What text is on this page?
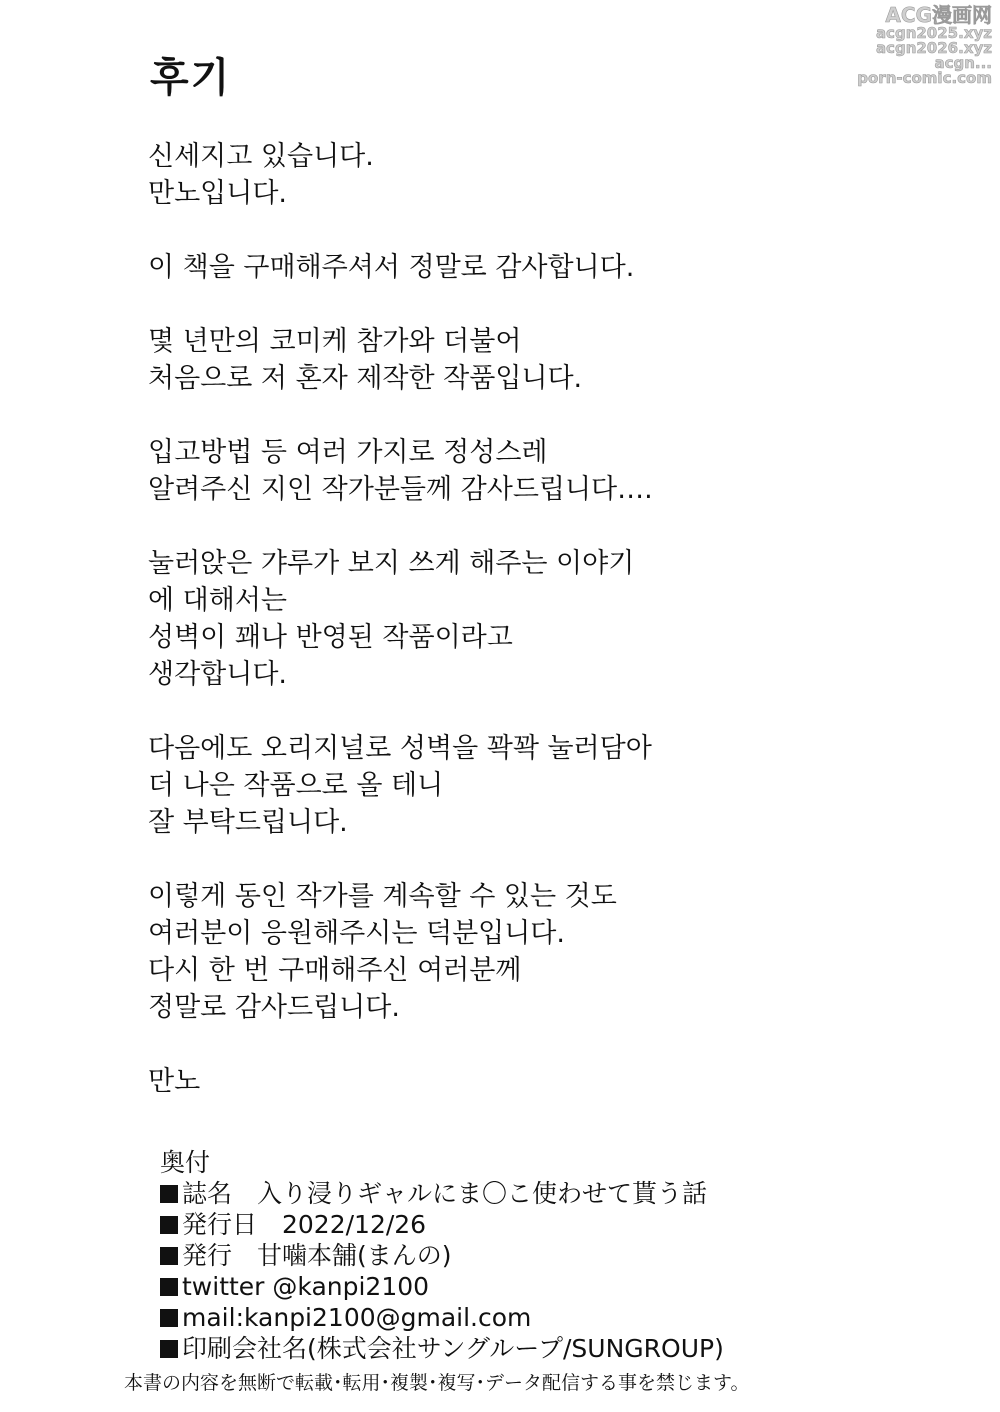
ACG漫画网
acgn2025.xyz
acgn2026.xyz
acgn...
porn-comic.com
후기
신세지고 있습니다.
만노입니다.
이 책을 구매해주셔서 정말로 감사합니다.
몇 년만의 코미케 참가와 더불어
처음으로 저 혼자 제작한 작품입니다.
입고방법 등 여러 가지로 정성스레
알려주신 지인 작가분들께 감사드립니다….
눌러앉은 갸루가 보지 쓰게 해주는 이야기
에 대해서는
성벽이 꽤나 반영된 작품이라고
생각합니다.
다음에도 오리지널로 성벽을 꽉꽉 눌러담아
더 나은 작품으로 올 테니
잘 부탁드립니다.
이렇게 동인 작가를 계속할 수 있는 것도
여러분이 응원해주시는 덕분입니다.
다시 한 번 구매해주신 여러분께
정말로 감사드립니다.
만노
奥付
誌名　入り浸りギャルにま〇こ使わせて貰う話
発行日　2022/12/26
発行　甘噛本舗(まんの)
twitter @kanpi2100
mail:kanpi2100@gmail.com
印刷会社名(株式会社サングループ/SUNGROUP)
本書の内容を無断で転載･転用･複製･複写･データ配信する事を禁じます。
